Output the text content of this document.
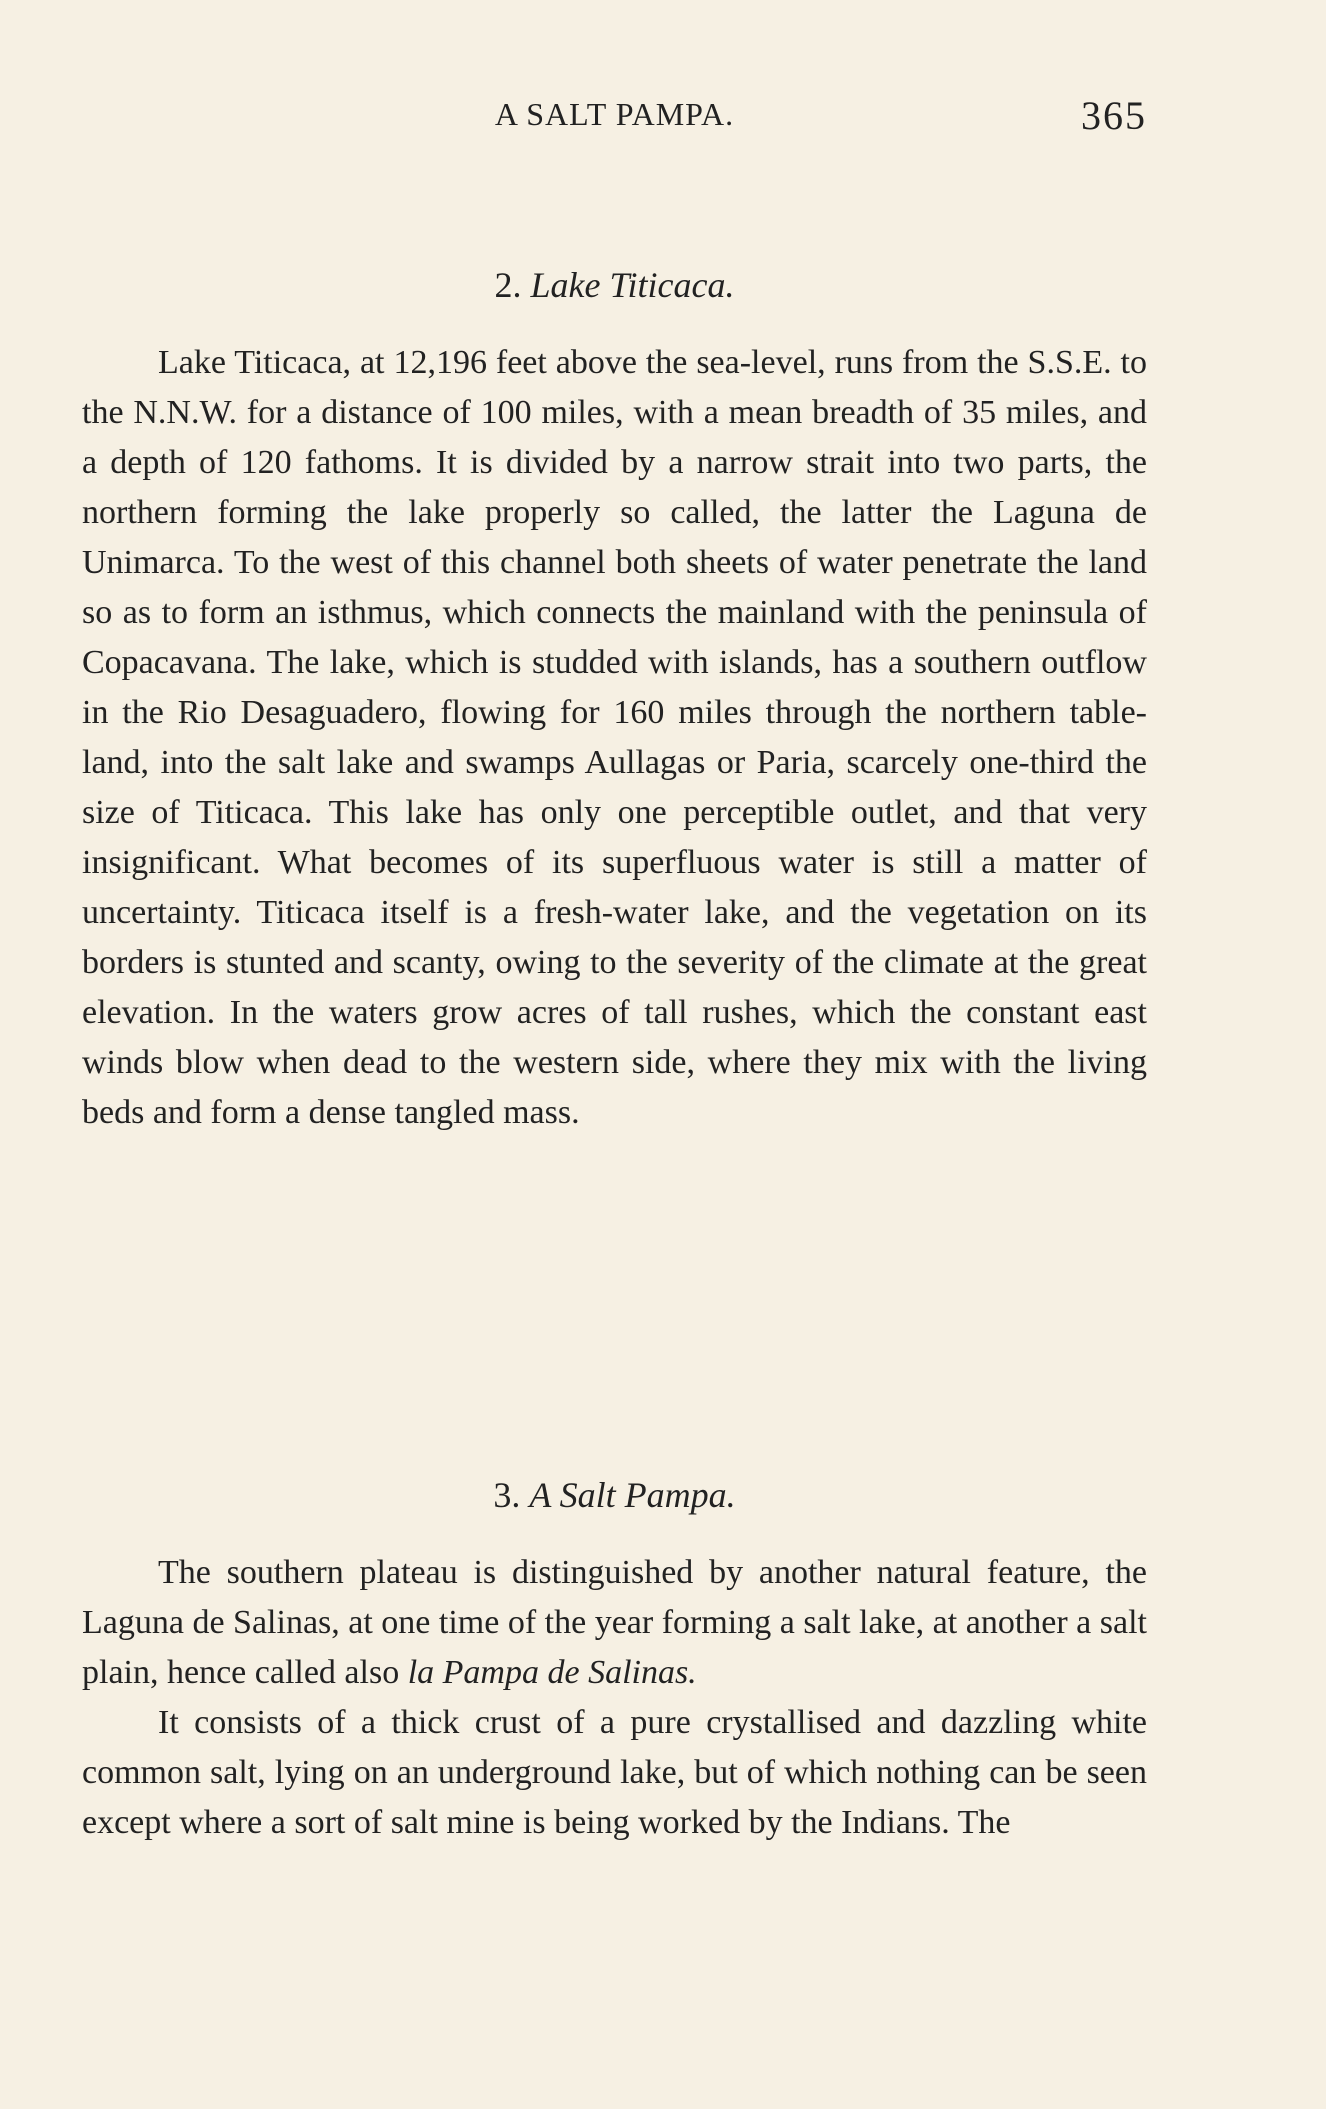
A SALT PAMPA.	365
2. Lake Titicaca.

Lake Titicaca, at 12,196 feet above the sea-level, runs from the S.S.E. to the N.N.W. for a distance of 100 miles, with a mean breadth of 35 miles, and a depth of 120 fathoms. It is divided by a narrow strait into two parts, the northern forming the lake properly so called, the latter the Laguna de Unimarca. To the west of this channel both sheets of water penetrate the land so as to form an isthmus, which connects the mainland with the peninsula of Copacavana. The lake, which is studded with islands, has a southern outflow in the Rio Desaguadero, flowing for 160 miles through the northern table-land, into the salt lake and swamps Aullagas or Paria, scarcely one-third the size of Titicaca. This lake has only one perceptible outlet, and that very insignificant. What becomes of its superfluous water is still a matter of uncertainty. Titicaca itself is a fresh-water lake, and the vegetation on its borders is stunted and scanty, owing to the severity of the climate at the great elevation. In the waters grow acres of tall rushes, which the constant east winds blow when dead to the western side, where they mix with the living beds and form a dense tangled mass.

3. A Salt Pampa.

The southern plateau is distinguished by another natural feature, the Laguna de Salinas, at one time of the year forming a salt lake, at another a salt plain, hence called also la Pampa de Salinas.

It consists of a thick crust of a pure crystallised and dazzling white common salt, lying on an underground lake, but of which nothing can be seen except where a sort of salt mine is being worked by the Indians. The
